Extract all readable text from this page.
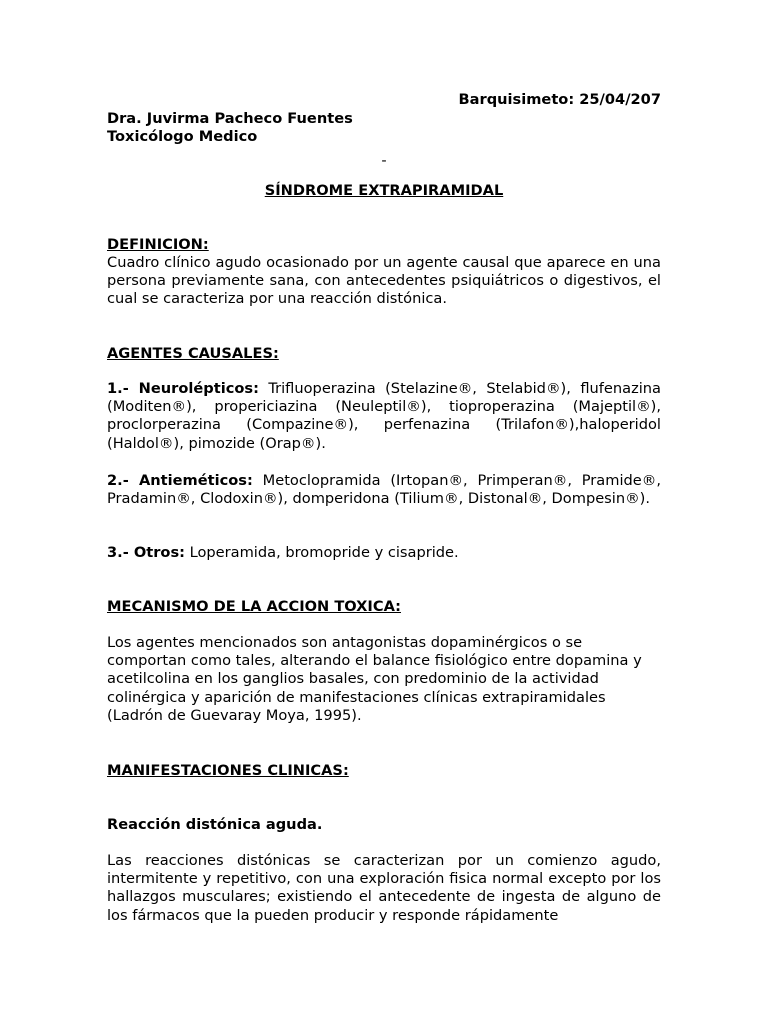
Barquisimeto: 25/04/207

Dra. Juvirma Pacheco Fuentes

Toxicólogo Medico

-

SÍNDROME EXTRAPIRAMIDAL

DEFINICION:

Cuadro clínico agudo ocasionado por un agente causal que aparece en una persona previamente sana, con antecedentes psiquiátricos o digestivos, el cual se caracteriza por una reacción distónica.

AGENTES CAUSALES:

1.- Neurolépticos: Trifluoperazina (Stelazine®, Stelabid®), flufenazina (Moditen®), propericiazina (Neuleptil®), tioproperazina (Majeptil®), proclorperazina (Compazine®), perfenazina (Trilafon®),haloperidol (Haldol®), pimozide (Orap®).

2.- Antieméticos: Metoclopramida (Irtopan®, Primperan®, Pramide®, Pradamin®, Clodoxin®), domperidona (Tilium®, Distonal®, Dompesin®).

3.- Otros: Loperamida, bromopride y cisapride.

MECANISMO DE LA ACCION TOXICA:

Los agentes mencionados son antagonistas dopaminérgicos o se
comportan como tales, alterando el balance fisiológico entre dopamina y
acetilcolina en los ganglios basales, con predominio de la actividad
colinérgica y aparición de manifestaciones clínicas extrapiramidales
(Ladrón de Guevaray Moya, 1995).

MANIFESTACIONES CLINICAS:

Reacción distónica aguda.

Las reacciones distónicas se caracterizan por un comienzo agudo, intermitente y repetitivo, con una exploración fisica normal excepto por los hallazgos musculares; existiendo el antecedente de ingesta de alguno de los fármacos que la pueden producir y responde rápidamente
